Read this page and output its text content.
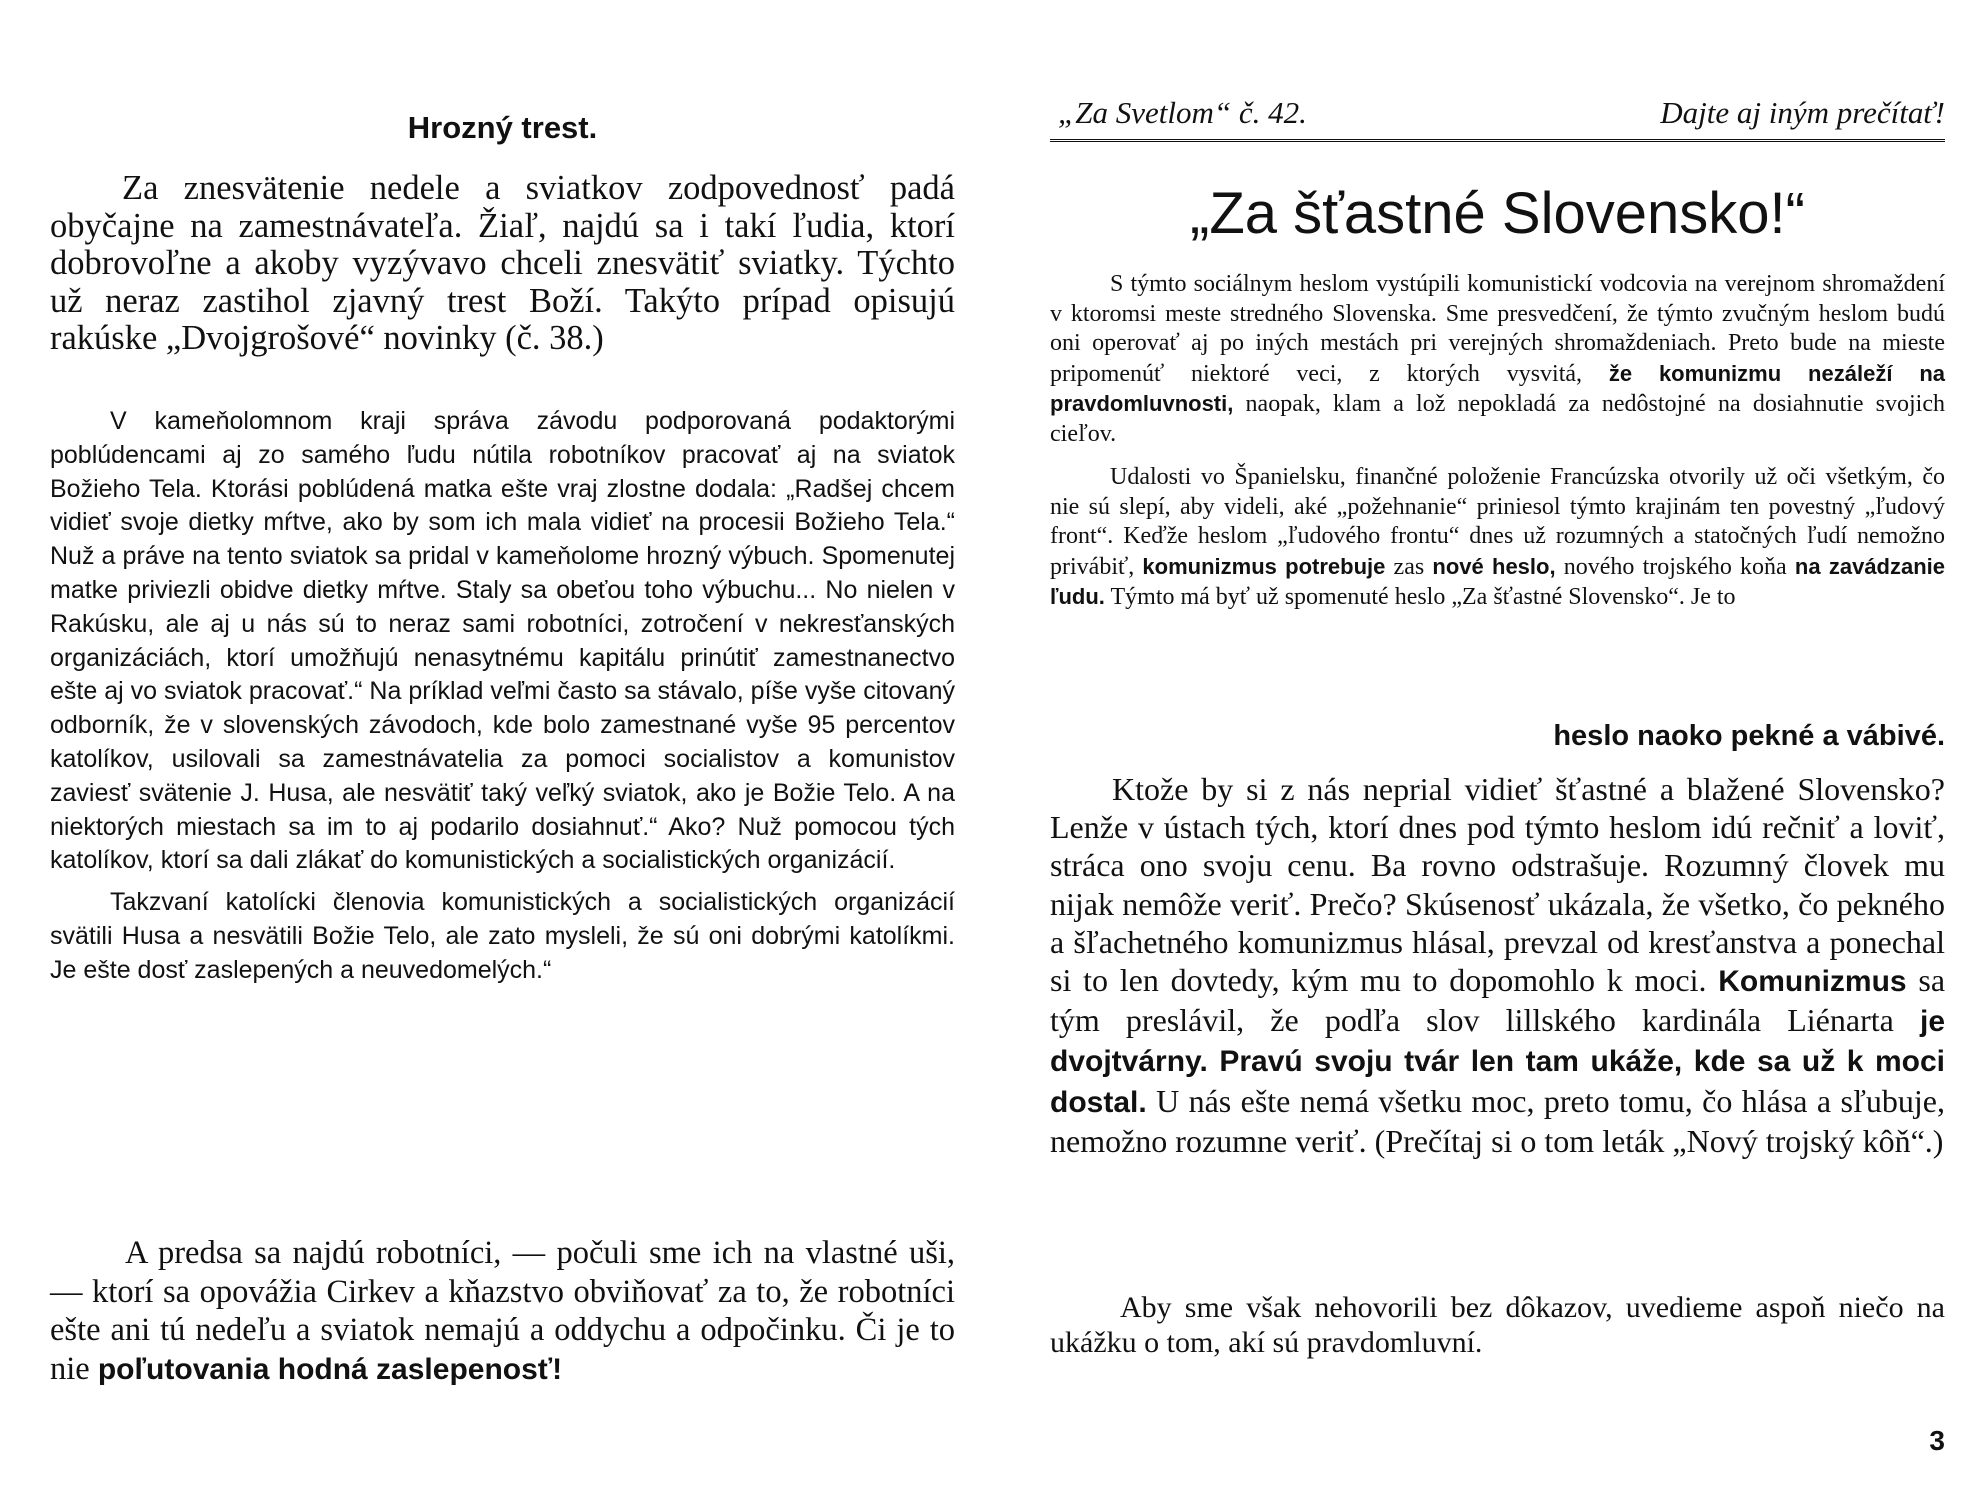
Hrozný trest.

Za znesvätenie nedele a sviatkov zodpovednosť padá obyčajne na zamestnávateľa. Žiaľ, najdú sa i takí ľudia, ktorí dobrovoľne a akoby vyzývavo chceli znesvätiť sviatky. Týchto už neraz zastihol zjavný trest Boží. Takýto prípad opisujú rakúske „Dvojgrošové“ novinky (č. 38.)

V kameňolomnom kraji správa závodu podporovaná podaktorými poblúdencami aj zo samého ľudu nútila robotníkov pracovať aj na sviatok Božieho Tela. Ktorási poblúdená matka ešte vraj zlostne dodala: „Radšej chcem vidieť svoje dietky mŕtve, ako by som ich mala vidieť na procesii Božieho Tela.“ Nuž a práve na tento sviatok sa pridal v kameňolome hrozný výbuch. Spomenutej matke priviezli obidve dietky mŕtve. Staly sa obeťou toho výbuchu... No nielen v Rakúsku, ale aj u nás sú to neraz sami robotníci, zotročení v nekresťanských organizáciách, ktorí umožňujú nenasytnému kapitálu prinútiť zamestnanectvo ešte aj vo sviatok pracovať.“ Na príklad veľmi často sa stávalo, píše vyše citovaný odborník, že v slovenských závodoch, kde bolo zamestnané vyše 95 percentov katolíkov, usilovali sa zamestnávatelia za pomoci socialistov a komunistov zaviesť svätenie J. Husa, ale nesvätiť taký veľký sviatok, ako je Božie Telo. A na niektorých miestach sa im to aj podarilo dosiahnuť.“ Ako? Nuž pomocou tých katolíkov, ktorí sa dali zlákať do komunistických a socialistických organizácií.

Takzvaní katolícki členovia komunistických a socialistických organizácií svätili Husa a nesvätili Božie Telo, ale zato mysleli, že sú oni dobrými katolíkmi. Je ešte dosť zaslepených a neuvedomelých.“

A predsa sa najdú robotníci, — počuli sme ich na vlastné uši, — ktorí sa opovážia Cirkev a kňazstvo obviňovať za to, že robotníci ešte ani tú nedeľu a sviatok nemajú a oddychu a odpočinku. Či je to nie poľutovania hodná zaslepenosť!

„Za Svetlom“ č. 42.	Dajte aj iným prečítať!
„Za šťastné Slovensko!“

S týmto sociálnym heslom vystúpili komunistickí vodcovia na verejnom shromaždení v ktoromsi meste stredného Slovenska. Sme presvedčení, že týmto zvučným heslom budú oni operovať aj po iných mestách pri verejných shromaždeniach. Preto bude na mieste pripomenúť niektoré veci, z ktorých vysvitá, že komunizmu nezáleží na pravdomluvnosti, naopak, klam a lož nepokladá za nedôstojné na dosiahnutie svojich cieľov.

Udalosti vo Španielsku, finančné položenie Francúzska otvorily už oči všetkým, čo nie sú slepí, aby videli, aké „požehnanie“ priniesol týmto krajinám ten povestný „ľudový front“. Keďže heslom „ľudového frontu“ dnes už rozumných a statočných ľudí nemožno privábiť, komunizmus potrebuje zas nové heslo, nového trojského koňa na zavádzanie ľudu. Týmto má byť už spomenuté heslo „Za šťastné Slovensko“. Je to

heslo naoko pekné a vábivé.

Ktože by si z nás neprial vidieť šťastné a blažené Slovensko? Lenže v ústach tých, ktorí dnes pod týmto heslom idú rečniť a loviť, stráca ono svoju cenu. Ba rovno odstrašuje. Rozumný človek mu nijak nemôže veriť. Prečo? Skúsenosť ukázala, že všetko, čo pekného a šľachetného komunizmus hlásal, prevzal od kresťanstva a ponechal si to len dovtedy, kým mu to dopomohlo k moci. Komunizmus sa tým preslávil, že podľa slov lillského kardinála Liénarta je dvojtvárny. Pravú svoju tvár len tam ukáže, kde sa už k moci dostal. U nás ešte nemá všetku moc, preto tomu, čo hlása a sľubuje, nemožno rozumne veriť. (Prečítaj si o tom leták „Nový trojský kôň“.)

Aby sme však nehovorili bez dôkazov, uvedieme aspoň niečo na ukážku o tom, akí sú pravdomluvní.

3
